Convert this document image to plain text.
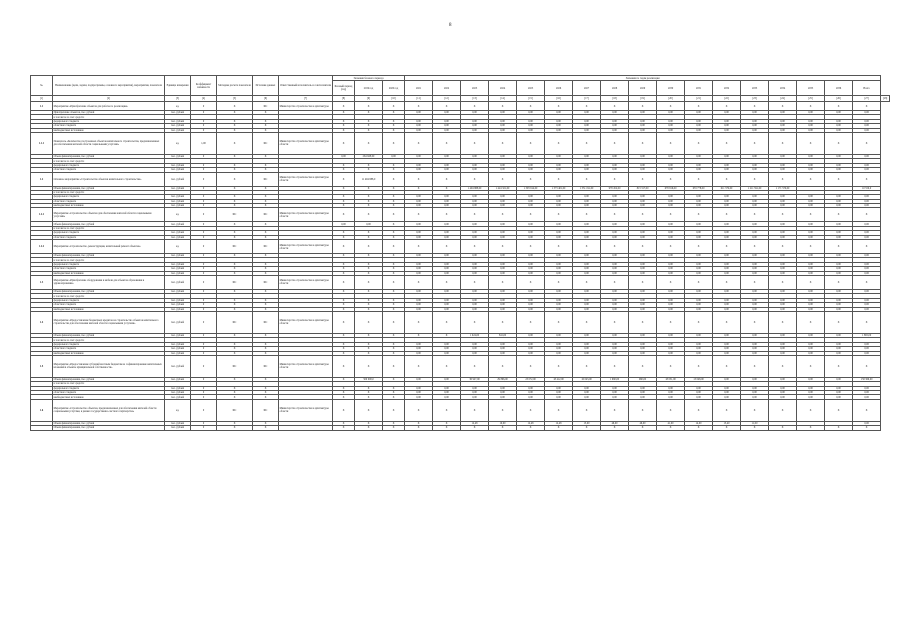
8
№	Наименование (цели, задачи, подпрограммы, основного мероприятия), мероприятия, показателя	Единица измерения	Коэффициент значимости	Методика расчета показателя	Источник данных	Ответственный исполнитель и соисполнители	Значения базового периода			Значения по годам реализации																	
							Базовый период (год)	2019 год	2020 год	2021	2022	2023	2024	2025	2026	2027	2028	2029	2030	2031	2032	2033	2034	2035	2036	Всего	
[1]	[2]	[3]	[4]	[5]	[6]	[7]	[8]	[9]	[10]	[11]	[12]	[13]	[14]	[15]	[16]	[17]	[18]	[19]	[20]	[21]	[22]	[23]	[24]	[25]	[26]	[27]	[28]
1.1	Мероприятие «Приобретение объектов для работы по реализации»	ед.	0	Х	ФС	Министерство строительства и архитектуры	Х	Х	Х	Х	Х	Х	Х	Х	Х	Х	Х	Х	Х	Х	Х	Х	Х	Х	Х	Х	
	Приобретение объектов, тыс. рублей	тыс. рублей	0	Х	Х		Х	Х	Х	0,00	0,00	0,00	0,00	0,00	0,00	0,00	0,00	0,00	0,00	0,00	0,00	0,00	0,00	0,00	0,00	0,00	
	в том числе за счет средств:																										
	федерального бюджета	тыс. рублей	0	Х	Х		Х	Х	Х	0,00	0,00	0,00	0,00	0,00	0,00	0,00	0,00	0,00	0,00	0,00	0,00	0,00	0,00	0,00	0,00	0,00	
	областного бюджета	тыс. рублей	0	Х	Х		Х	Х	Х	0,00	0,00	0,00	0,00	0,00	0,00	0,00	0,00	0,00	0,00	0,00	0,00	0,00	0,00	0,00	0,00	0,00	
	внебюджетных источников	тыс. рублей	0	Х	Х		Х	Х	Х	0,00	0,00	0,00	0,00	0,00	0,00	0,00	0,00	0,00	0,00	0,00	0,00	0,00	0,00	0,00	0,00	0,00	
1.1.1	Показатель «Количество построенных объектов капитального строительства, предназначенных для обеспечения жителей области социальными услугами»	ед.	1,00	Х	ФС	Министерство строительства и архитектуры области	Х	Х	Х	Х	Х	Х	Х	Х	Х	Х	Х	Х	Х	Х	Х	Х	Х	Х	Х	Х	
	Объем финансирования, тыс. рублей	тыс. рублей	0	Х	Х		0,00	264 928,00	0,00	0,00	0,00	0,00	0,00	0,00	0,00	0,00	0,00	0,00	0,00	0,00	0,00	0,00	0,00	0,00	0,00	0,00	
	в том числе за счет средств:																										
	федерального бюджета	тыс. рублей	0	Х	Х		Х	Х	Х	0,00	0,00	0,00	0,00	0,00	0,00	0,00	0,00	0,00	0,00	0,00	0,00	0,00	0,00	0,00	0,00	0,00	
	областного бюджета	тыс. рублей	0	Х	Х		Х	Х	Х	0,00	0,00	0,00	0,00	0,00	0,00	0,00	0,00	0,00	0,00	0,00	0,00	0,00	0,00	0,00	0,00	0,00	
1.2	Основное мероприятие «Строительство объектов капитального строительства»	тыс. рублей	0	Х	ФС	Министерство строительства и архитектуры области	Х	11 494 888,0	Х	Х	Х	Х	Х	Х	Х	Х	Х	Х	Х	Х	Х	Х	Х	Х	Х	Х	
	Объем финансирования, тыс. рублей	тыс. рублей	0	Х	Х		Х	Х	Х	Х	Х	1 494 888,00	1 424 321,00	1 393 914,00	1 373 401,00	1 351 191,00	978 452,00	813 317,00	678 816,00	633 778,00	611 379,00	1 211 591,00	1 171 576,00			10 550,0	
	в том числе за счет средств:																										
	федерального бюджета	тыс. рублей	0	Х	Х		Х	Х	Х	0,00	0,00	0,00	0,00	0,00	0,00	0,00	0,00	0,00	0,00	0,00	0,00	0,00	0,00	0,00	0,00	0,00	
	областного бюджета	тыс. рублей	0	Х	Х		Х	Х	Х	0,00	0,00	0,00	0,00	0,00	0,00	0,00	0,00	0,00	0,00	0,00	0,00	0,00	0,00	0,00	0,00	0,00	
	внебюджетных источников	тыс. рублей	0	Х	Х		Х	Х	Х	0,00	0,00	0,00	0,00	0,00	0,00	0,00	0,00	0,00	0,00	0,00	0,00	0,00	0,00	0,00	0,00	0,00	
1.2.1	Мероприятие «Строительство объектов для обеспечения жителей области социальными услугами»	ед.	0	ФС	ФС	Министерство строительства и архитектуры области	Х	Х	Х	Х	Х	Х	Х	Х	Х	Х	Х	Х	Х	Х	Х	Х	Х	Х	Х	Х	
	Объем финансирования, тыс. рублей	тыс. рублей	0	Х	Х		0,00	0,00	Х	0,00	0,00	0,00	0,00	0,00	0,00	0,00	0,00	0,00	0,00	0,00	0,00	0,00	0,00	0,00	0,00	0,00	
	в том числе за счет средств:																										
	федерального бюджета	тыс. рублей	0	Х	Х		Х	Х	Х	0,00	0,00	0,00	0,00	0,00	0,00	0,00	0,00	0,00	0,00	0,00	0,00	0,00	0,00	0,00	0,00	0,00	
	областного бюджета	тыс. рублей	0	Х	Х		Х	Х	Х	0,00	0,00	0,00	0,00	0,00	0,00	0,00	0,00	0,00	0,00	0,00	0,00	0,00	0,00	0,00	0,00	0,00	
1.2.2	Мероприятие «Строительство, реконструкция, капитальный ремонт объектов»	ед.	0	ФС	ФС	Министерство строительства и архитектуры области	Х	Х	Х	Х	Х	Х	Х	Х	Х	Х	Х	Х	Х	Х	Х	Х	Х	Х	Х	Х	
	Объем финансирования, тыс. рублей	тыс. рублей	0	Х	Х		Х	Х	Х	0,00	0,00	0,00	0,00	0,00	0,00	0,00	0,00	0,00	0,00	0,00	0,00	0,00	0,00	0,00	0,00	0,00	
	в том числе за счет средств:																										
	федерального бюджета	тыс. рублей	0	Х	Х		Х	Х	Х	0,00	0,00	0,00	0,00	0,00	0,00	0,00	0,00	0,00	0,00	0,00	0,00	0,00	0,00	0,00	0,00	0,00	
	областного бюджета	тыс. рублей	0	Х	Х		Х	Х	Х	0,00	0,00	0,00	0,00	0,00	0,00	0,00	0,00	0,00	0,00	0,00	0,00	0,00	0,00	0,00	0,00	0,00	
	внебюджетных источников	тыс. рублей	0	Х	Х		Х	Х	Х	0,00	0,00	0,00	0,00	0,00	0,00	0,00	0,00	0,00	0,00	0,00	0,00	0,00	0,00	0,00	0,00	0,00	
1.3	Мероприятие «Приобретение оборудования и мебели для объектов образования и здравоохранения»	тыс. рублей	0	ФС	ФС	Министерство строительства и архитектуры области	Х	Х	Х	Х	Х	Х	Х	Х	Х	Х	Х	Х	Х	Х	Х	Х	Х	Х	Х	Х	
	Объем финансирования, тыс. рублей	тыс. рублей	0	Х	Х		Х	Х	Х	0,00	0,00	0,00	0,00	0,00	0,00	0,00	0,00	0,00	0,00	0,00	0,00	0,00	0,00	0,00	0,00	0,00	
	в том числе за счет средств:																										
	федерального бюджета	тыс. рублей	0	Х	Х		Х	Х	Х	0,00	0,00	0,00	0,00	0,00	0,00	0,00	0,00	0,00	0,00	0,00	0,00	0,00	0,00	0,00	0,00	0,00	
	областного бюджета	тыс. рублей	0	Х	Х		Х	Х	Х	0,00	0,00	0,00	0,00	0,00	0,00	0,00	0,00	0,00	0,00	0,00	0,00	0,00	0,00	0,00	0,00	0,00	
	внебюджетных источников	тыс. рублей	0	Х	Х		Х	Х	Х	0,00	0,00	0,00	0,00	0,00	0,00	0,00	0,00	0,00	0,00	0,00	0,00	0,00	0,00	0,00	0,00	0,00	
1.4	Мероприятие «Предоставление бюджетных кредитов на строительство объектов капитального строительства для обеспечения жителей области социальными услугами»	тыс. рублей	0	ФС	ФС	Министерство строительства и архитектуры области	Х	Х	Х	Х	Х	Х	Х	Х	Х	Х	Х	Х	Х	Х	Х	Х	Х	Х	Х	Х	
	Объем финансирования, тыс. рублей	тыс. рублей	0	Х	Х		Х	Х	Х	Х	Х	1 024,00	841,00	0,00	0,00	0,00	0,00	0,00	0,00	0,00	0,00	0,00	0,00	0,00	0,00	1 865,00	
	в том числе за счет средств:																										
	федерального бюджета	тыс. рублей	0	Х	Х		Х	Х	Х	0,00	0,00	0,00	0,00	0,00	0,00	0,00	0,00	0,00	0,00	0,00	0,00	0,00	0,00	0,00	0,00	0,00	
	областного бюджета	тыс. рублей	0	Х	Х		Х	Х	Х	0,00	0,00	0,00	0,00	0,00	0,00	0,00	0,00	0,00	0,00	0,00	0,00	0,00	0,00	0,00	0,00	0,00	
	внебюджетных источников	тыс. рублей	0	Х	Х		Х	Х	Х	0,00	0,00	0,00	0,00	0,00	0,00	0,00	0,00	0,00	0,00	0,00	0,00	0,00	0,00	0,00	0,00	0,00	
1.5	Мероприятие «Предоставление субсидий местным бюджетам на софинансирование капитальных вложений в объекты муниципальной собственности»	тыс. рублей	0	ФС	ФС	Министерство строительства и архитектуры области	Х	Х	Х	Х	Х	Х	Х	Х	Х	Х	Х	Х	Х	Х	Х	Х	Х	Х	Х	Х	
	Объем финансирования, тыс. рублей	тыс. рублей	0	Х	Х		Х	500 000,0	Х	0,00	0,00	36 927,00	29 896,00	23 072,00	18 412,00	16 043,00	1 960,00	960,00	18 051,00	13 048,00	0,00	0,00	0,00	0,00	0,00	158 369,00	
	в том числе за счет средств:																										
	федерального бюджета	тыс. рублей	0	Х	Х		Х	Х	Х	0,00	0,00	0,00	0,00	0,00	0,00	0,00	0,00	0,00	0,00	0,00	0,00	0,00	0,00	0,00	0,00	0,00	
	областного бюджета	тыс. рублей	0	Х	Х		Х	Х	Х	0,00	0,00	0,00	0,00	0,00	0,00	0,00	0,00	0,00	0,00	0,00	0,00	0,00	0,00	0,00	0,00	0,00	
	внебюджетных источников	тыс. рублей	0	Х	Х		Х	Х	Х	0,00	0,00	0,00	0,00	0,00	0,00	0,00	0,00	0,00	0,00	0,00	0,00	0,00	0,00	0,00	0,00	0,00	
1.6	Мероприятие «Строительство объектов, предназначенных для обеспечения жителей области социальными услугами, в рамках государственно-частного партнерства»	ед.	0	ФС	ФС	Министерство строительства и архитектуры области	Х	Х	Х	Х	Х	Х	Х	Х	Х	Х	Х	Х	Х	Х	Х	Х	Х	Х	Х	Х	
	Объем финансирования, тыс. рублей	тыс. рублей	0	Х	Х		Х	Х	Х	Х	Х	12,48	10,00	12,48	12,48	13,00	46,00	46,00	41,00	14,00	13,40	11,00				0,00	
	Объем финансирования, тыс. рублей	тыс. рублей	0	Х	Х		Х	Х	Х	Х	Х	Х	Х	Х	Х	Х	Х	Х	Х	Х	Х	Х	Х	Х	Х	Х	
